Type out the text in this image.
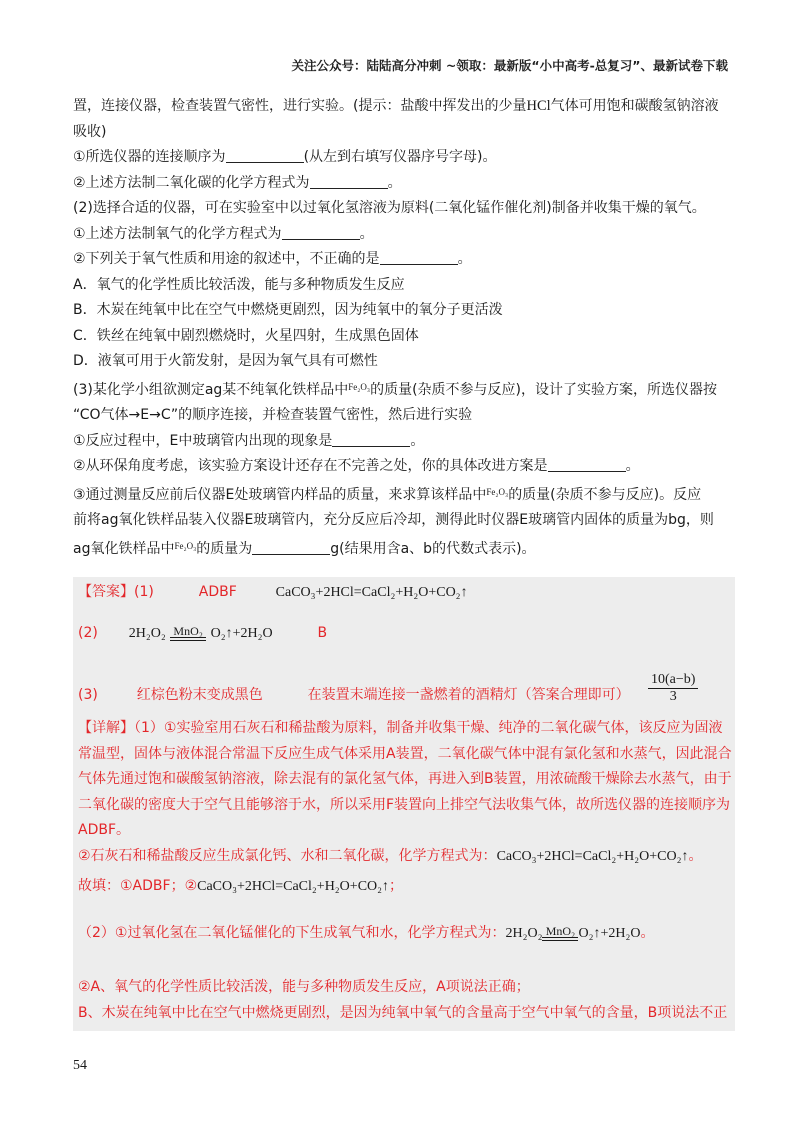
关注公众号：陆陆高分冲刺 ~领取：最新版“小中高考-总复习”、最新试卷下载

置，连接仪器，检查装置气密性，进行实验。(提示：盐酸中挥发出的少量HCl气体可用饱和碳酸氢钠溶液

吸收)

①所选仪器的连接顺序为	(从左到右填写仪器序号字母)。

②上述方法制二氧化碳的化学方程式为	。

(2)选择合适的仪器，可在实验室中以过氧化氢溶液为原料(二氧化锰作催化剂)制备并收集干燥的氧气。

①上述方法制氧气的化学方程式为	。

②下列关于氧气性质和用途的叙述中，不正确的是	。

A．氧气的化学性质比较活泼，能与多种物质发生反应

B．木炭在纯氧中比在空气中燃烧更剧烈，因为纯氧中的氧分子更活泼

C．铁丝在纯氧中剧烈燃烧时，火星四射，生成黑色固体

D．液氧可用于火箭发射，是因为氧气具有可燃性

(3)某化学小组欲测定ag某不纯氧化铁样品中$^{Fe_2O_3}$的质量(杂质不参与反应)，设计了实验方案，所选仪器按

“CO气体→E→C”的顺序连接，并检查装置气密性，然后进行实验

①反应过程中，E中玻璃管内出现的现象是	。

②从环保角度考虑，该实验方案设计还存在不完善之处，你的具体改进方案是	。

③通过测量反应前后仪器E处玻璃管内样品的质量，来求算该样品中$^{Fe_2O_3}$的质量(杂质不参与反应)。反应

前将ag氧化铁样品装入仪器E玻璃管内，充分反应后冷却，测得此时仪器E玻璃管内固体的质量为bg，则

ag氧化铁样品中$^{Fe_2O_3}$的质量为	g(结果用含a、b的代数式表示)。

【答案】(1)	ADBF	CaCO₃+2HCl=CaCl₂+H₂O+CO₂↑
(2) 2H₂O₂ MnO₂ O₂↑+2H₂O	B
(3)	红棕色粉末变成黑色	在装置末端连接一盏燃着的酒精灯（答案合理即可） $\frac{10(a-b)}{3}$
【详解】（1）①实验室用石灰石和稀盐酸为原料，制备并收集干燥、纯净的二氧化碳气体，该反应为固液常温型，固体与液体混合常温下反应生成气体采用A装置，二氧化碳气体中混有氯化氢和水蒸气，因此混合气体先通过饱和碳酸氢钠溶液，除去混有的氯化氢气体，再进入到B装置，用浓硫酸干燥除去水蒸气，由于二氧化碳的密度大于空气且能够溶于水，所以采用F装置向上排空气法收集气体，故所选仪器的连接顺序为ADBF。
②石灰石和稀盐酸反应生成氯化钙、水和二氧化碳，化学方程式为：CaCO₃+2HCl=CaCl₂+H₂O+CO₂↑。
故填：①ADBF；②CaCO₃+2HCl=CaCl₂+H₂O+CO₂↑；
（2）①过氧化氢在二氧化锰催化的下生成氧气和水，化学方程式为：2H₂O₂ MnO₂ O₂↑+2H₂O。
②A、氧气的化学性质比较活泼，能与多种物质发生反应，A项说法正确；
B、木炭在纯氧中比在空气中燃烧更剧烈，是因为纯氧中氧气的含量高于空气中氧气的含量，B项说法不正
54
